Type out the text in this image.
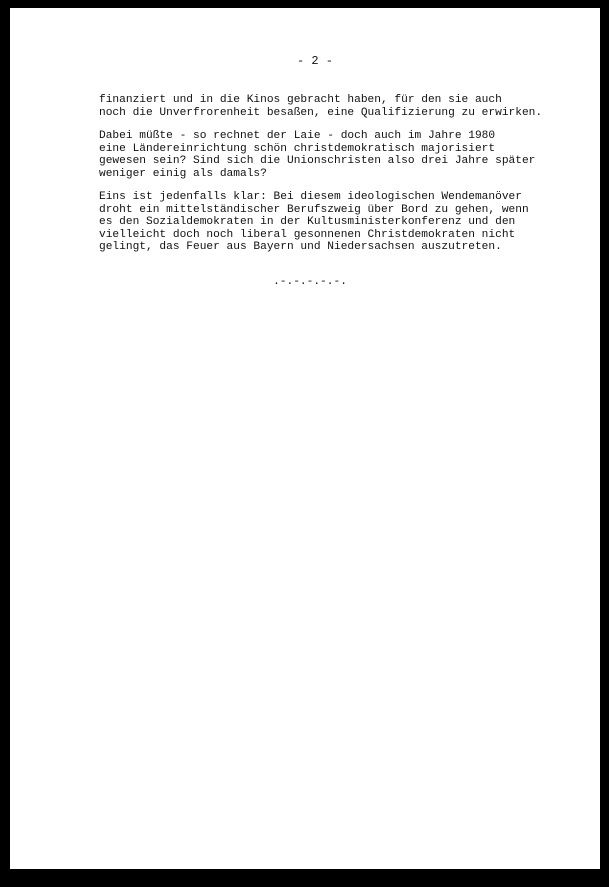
- 2 -

finanziert und in die Kinos gebracht haben, für den sie auch
noch die Unverfrorenheit besaßen, eine Qualifizierung zu erwirken.

Dabei müßte - so rechnet der Laie - doch auch im Jahre 1980
eine Ländereinrichtung schön christdemokratisch majorisiert
gewesen sein? Sind sich die Unionschristen also drei Jahre später
weniger einig als damals?

Eins ist jedenfalls klar: Bei diesem ideologischen Wendemanöver
droht ein mittelständischer Berufszweig über Bord zu gehen, wenn
es den Sozialdemokraten in der Kultusministerkonferenz und den
vielleicht doch noch liberal gesonnenen Christdemokraten nicht
gelingt, das Feuer aus Bayern und Niedersachsen auszutreten.

.-.-.-.-.-.
